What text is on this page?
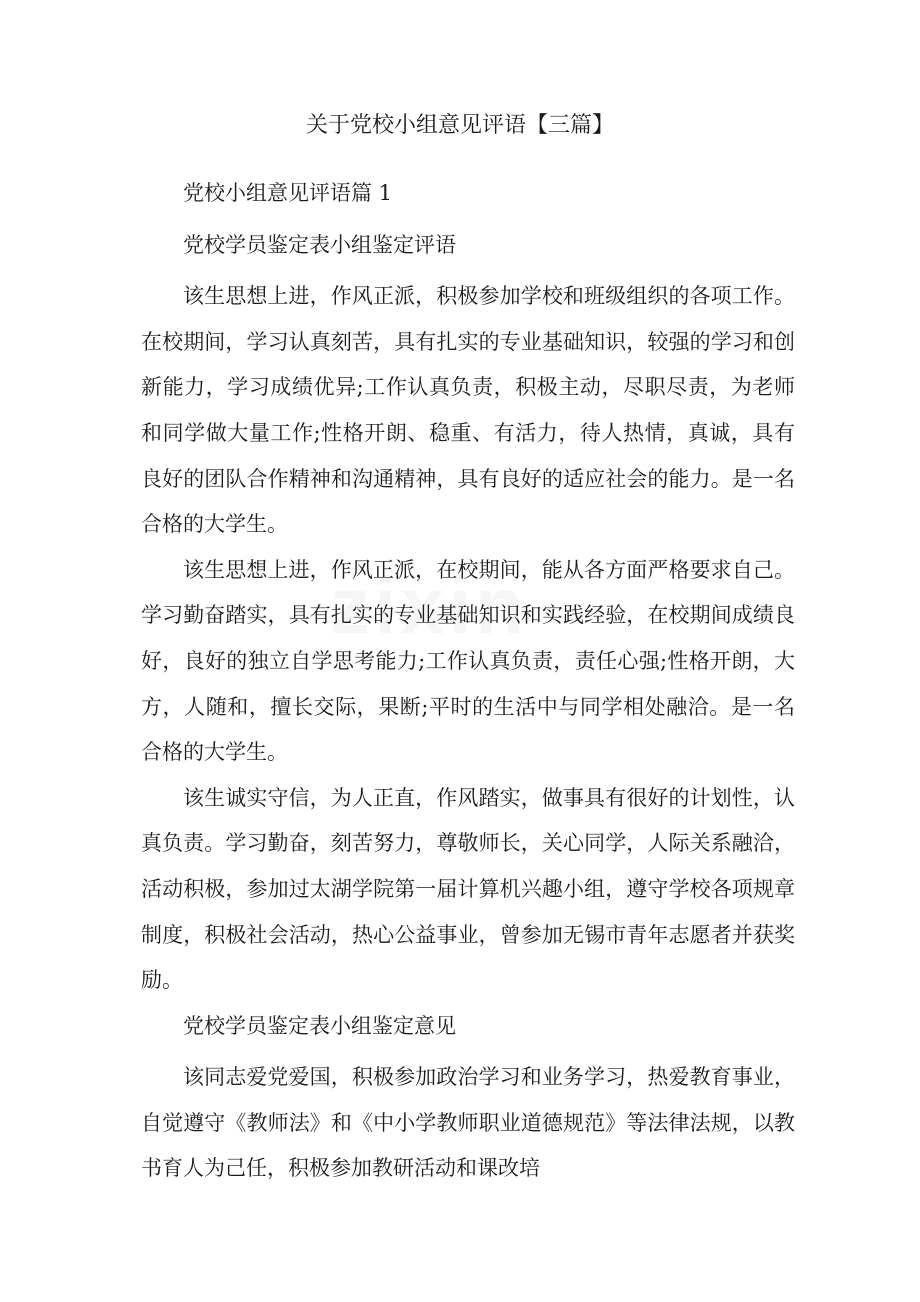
关于党校小组意见评语【三篇】

党校小组意见评语篇 1

党校学员鉴定表小组鉴定评语

该生思想上进，作风正派，积极参加学校和班级组织的各项工作。在校期间，学习认真刻苦，具有扎实的专业基础知识，较强的学习和创新能力，学习成绩优异;工作认真负责，积极主动，尽职尽责，为老师和同学做大量工作;性格开朗、稳重、有活力，待人热情，真诚，具有良好的团队合作精神和沟通精神，具有良好的适应社会的能力。是一名合格的大学生。

该生思想上进，作风正派，在校期间，能从各方面严格要求自己。学习勤奋踏实，具有扎实的专业基础知识和实践经验，在校期间成绩良好，良好的独立自学思考能力;工作认真负责，责任心强;性格开朗，大方，人随和，擅长交际，果断;平时的生活中与同学相处融洽。是一名合格的大学生。

该生诚实守信，为人正直，作风踏实，做事具有很好的计划性，认真负责。学习勤奋，刻苦努力，尊敬师长，关心同学，人际关系融洽，活动积极，参加过太湖学院第一届计算机兴趣小组，遵守学校各项规章制度，积极社会活动，热心公益事业，曾参加无锡市青年志愿者并获奖励。

党校学员鉴定表小组鉴定意见

该同志爱党爱国，积极参加政治学习和业务学习，热爱教育事业，自觉遵守《教师法》和《中小学教师职业道德规范》等法律法规，以教书育人为己任，积极参加教研活动和课改培
